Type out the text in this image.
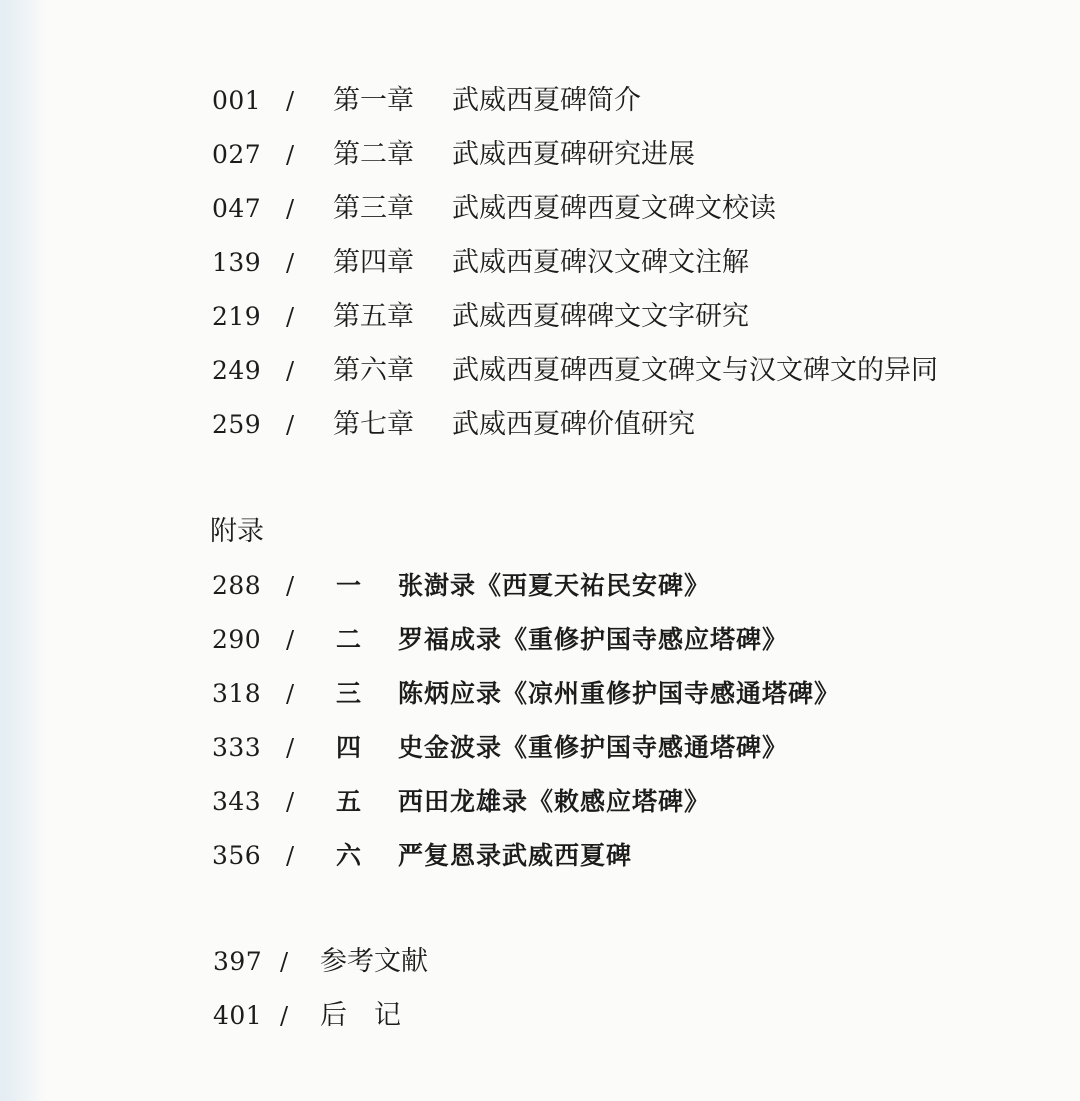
001 / 第一章 武威西夏碑简介
027 / 第二章 武威西夏碑研究进展
047 / 第三章 武威西夏碑西夏文碑文校读
139 / 第四章 武威西夏碑汉文碑文注解
219 / 第五章 武威西夏碑碑文文字研究
249 / 第六章 武威西夏碑西夏文碑文与汉文碑文的异同
259 / 第七章 武威西夏碑价值研究
附录
288 / 一 张澍录《西夏天祐民安碑》
290 / 二 罗福成录《重修护国寺感应塔碑》
318 / 三 陈炳应录《凉州重修护国寺感通塔碑》
333 / 四 史金波录《重修护国寺感通塔碑》
343 / 五 西田龙雄录《敕感应塔碑》
356 / 六 严复恩录武威西夏碑
397 / 参考文献
401 / 后　记
